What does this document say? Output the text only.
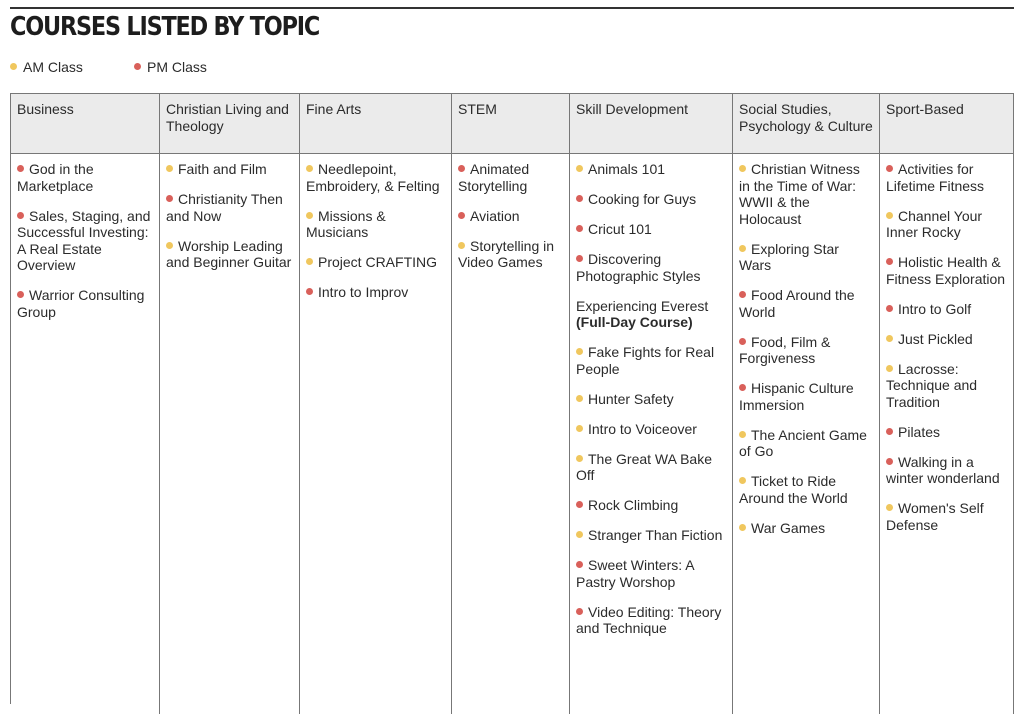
COURSES LISTED BY TOPIC
AM Class	PM Class
Business
God in the Marketplace
Sales, Staging, and Successful Investing: A Real Estate Overview
Warrior Consulting Group
Christian Living and Theology
Faith and Film
Christianity Then and Now
Worship Leading and Beginner Guitar
Fine Arts
Needlepoint, Embroidery, & Felting
Missions & Musicians
Project CRAFTING
Intro to Improv
STEM
Animated Storytelling
Aviation
Storytelling in Video Games
Skill Development
Animals 101
Cooking for Guys
Cricut 101
Discovering Photographic Styles
Experiencing Everest
(Full-Day Course)
Fake Fights for Real People
Hunter Safety
Intro to Voiceover
The Great WA Bake Off
Rock Climbing
Stranger Than Fiction
Sweet Winters: A Pastry Worshop
Video Editing: Theory and Technique
Social Studies, Psychology & Culture
Christian Witness in the Time of War: WWII & the Holocaust
Exploring Star Wars
Food Around the World
Food, Film & Forgiveness
Hispanic Culture Immersion
The Ancient Game of Go
Ticket to Ride Around the World
War Games
Sport-Based
Activities for Lifetime Fitness
Channel Your Inner Rocky
Holistic Health & Fitness Exploration
Intro to Golf
Just Pickled
Lacrosse: Technique and Tradition
Pilates
Walking in a winter wonderland
Women's Self Defense
